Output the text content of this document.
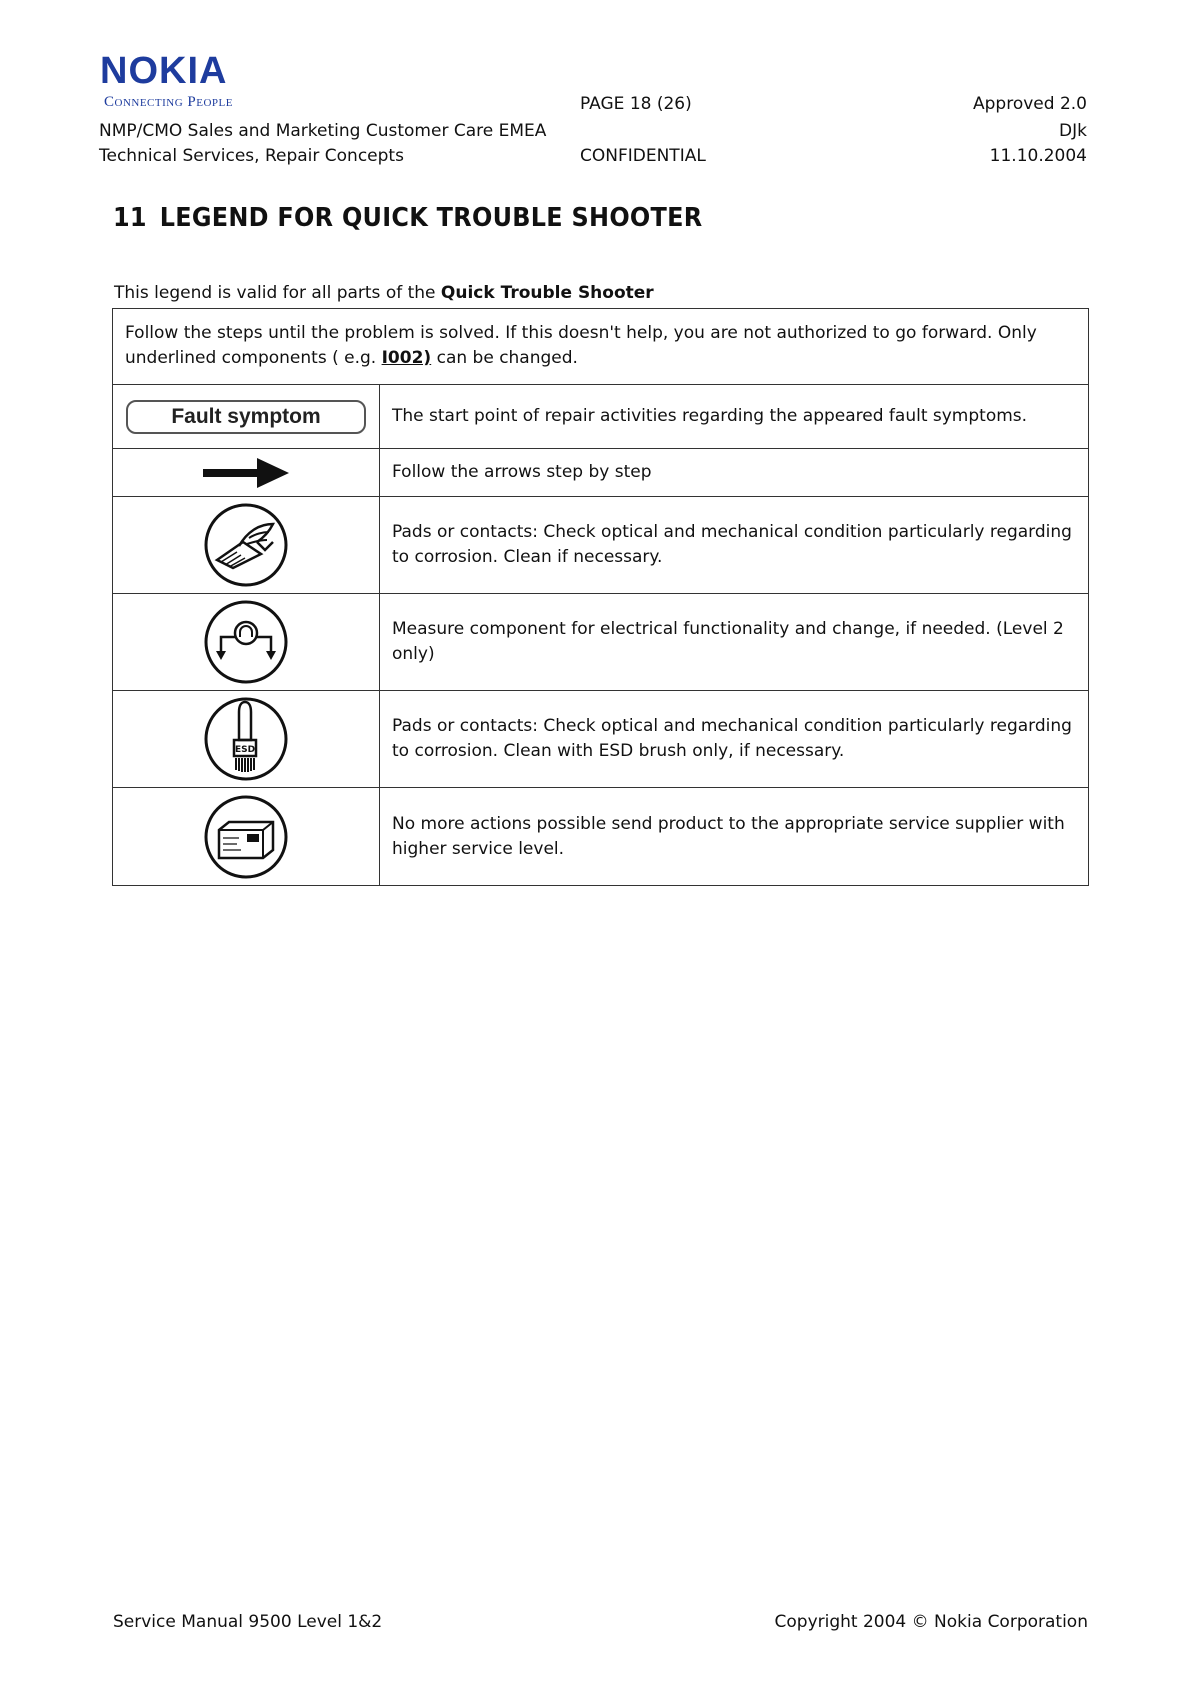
NOKIA
Connecting People
NMP/CMO Sales and Marketing Customer Care EMEA
Technical Services, Repair Concepts
PAGE 18 (26)
CONFIDENTIAL
Approved 2.0
DJk
11.10.2004
11 LEGEND FOR QUICK TROUBLE SHOOTER
This legend is valid for all parts of the Quick Trouble Shooter
Follow the steps until the problem is solved. If this doesn't help, you are not authorized to go forward. Only underlined components ( e.g. I002) can be changed.
Fault symptom	The start point of repair activities regarding the appeared fault symptoms.
Follow the arrows step by step
Pads or contacts: Check optical and mechanical condition particularly regarding to corrosion. Clean if necessary.
Measure component for electrical functionality and change, if needed. (Level 2 only)
ESD
Pads or contacts: Check optical and mechanical condition particularly regarding to corrosion. Clean with ESD brush only, if necessary.
No more actions possible send product to the appropriate service supplier with higher service level.
Service Manual 9500 Level 1&2	Copyright 2004 © Nokia Corporation
